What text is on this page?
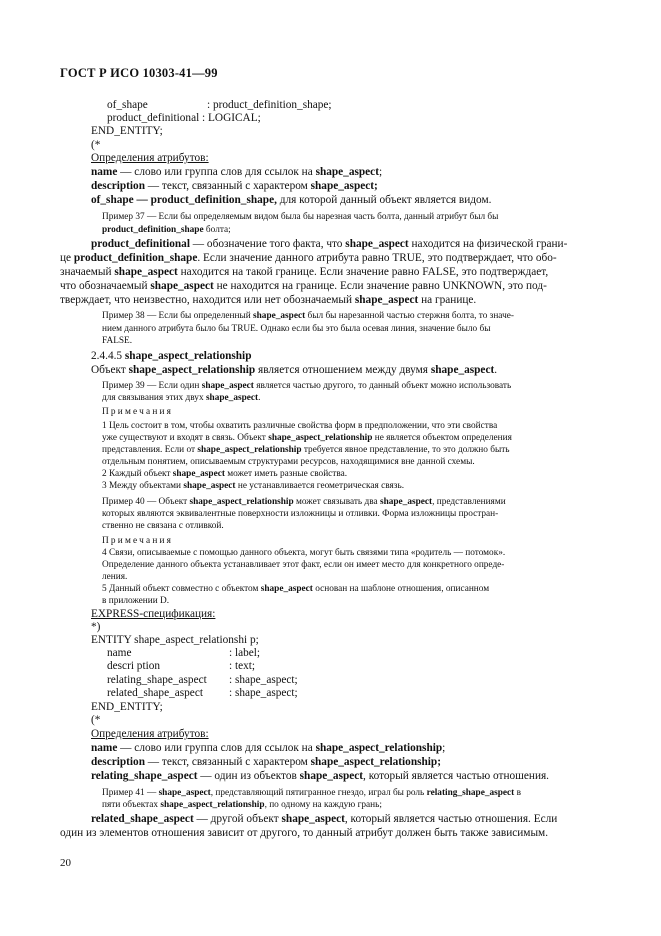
ГОСТ Р ИСО 10303-41—99
of_shape	: product_definition_shape;
product_definitional : LOGICAL;
END_ENTITY;
(*
Определения атрибутов:
name — слово или группа слов для ссылок на shape_aspect;
description — текст, связанный с характером shape_aspect;
of_shape — product_definition_shape, для которой данный объект является видом.
Пример 37 — Если бы определяемым видом была бы нарезная часть болта, данный атрибут был бы
product_definition_shape болта;
product_definitional — обозначение того факта, что shape_aspect находится на физической грани-
це product_definition_shape. Если значение данного атрибута равно TRUE, это подтверждает, что обо-
значаемый shape_aspect находится на такой границе. Если значение равно FALSE, это подтверждает,
что обозначаемый shape_aspect не находится на границе. Если значение равно UNKNOWN, это под-
тверждает, что неизвестно, находится или нет обозначаемый shape_aspect на границе.
Пример 38 — Если бы определенный shape_aspect был бы нарезанной частью стержня болта, то значе-
нием данного атрибута было бы TRUE. Однако если бы это была осевая линия, значение было бы
FALSE.
2.4.4.5 shape_aspect_relationship
Объект shape_aspect_relationship является отношением между двумя shape_aspect.
Пример 39 — Если один shape_aspect является частью другого, то данный объект можно использовать
для связывания этих двух shape_aspect.
Примечания
1 Цель состоит в том, чтобы охватить различные свойства форм в предположении, что эти свойства
уже существуют и входят в связь. Объект shape_aspect_relationship не является объектом определения
представления. Если от shape_aspect_relationship требуется явное представление, то это должно быть
отдельным понятием, описываемым структурами ресурсов, находящимися вне данной схемы.
2 Каждый объект shape_aspect может иметь разные свойства.
3 Между объектами shape_aspect не устанавливается геометрическая связь.
Пример 40 — Объект shape_aspect_relationship может связывать два shape_aspect, представлениями
которых являются эквивалентные поверхности изложницы и отливки. Форма изложницы простран-
ственно не связана с отливкой.
Примечания
4 Связи, описываемые с помощью данного объекта, могут быть связями типа «родитель — потомок».
Определение данного объекта устанавливает этот факт, если он имеет место для конкретного опреде-
ления.
5 Данный объект совместно с объектом shape_aspect основан на шаблоне отношения, описанном
в приложении D.
EXPRESS-спецификация:
*)
ENTITY shape_aspect_relationshi p;
name	: label;
descri ption	: text;
relating_shape_aspect : shape_aspect;
related_shape_aspect : shape_aspect;
END_ENTITY;
(*
Определения атрибутов:
name — слово или группа слов для ссылок на shape_aspect_relationship;
description — текст, связанный с характером shape_aspect_relationship;
relating_shape_aspect — один из объектов shape_aspect, который является частью отношения.
Пример 41 — shape_aspect, представляющий пятигранное гнездо, играл бы роль relating_shape_aspect в
пяти объектах shape_aspect_relationship, по одному на каждую грань;
related_shape_aspect — другой объект shape_aspect, который является частью отношения. Если
один из элементов отношения зависит от другого, то данный атрибут должен быть также зависимым.
20
